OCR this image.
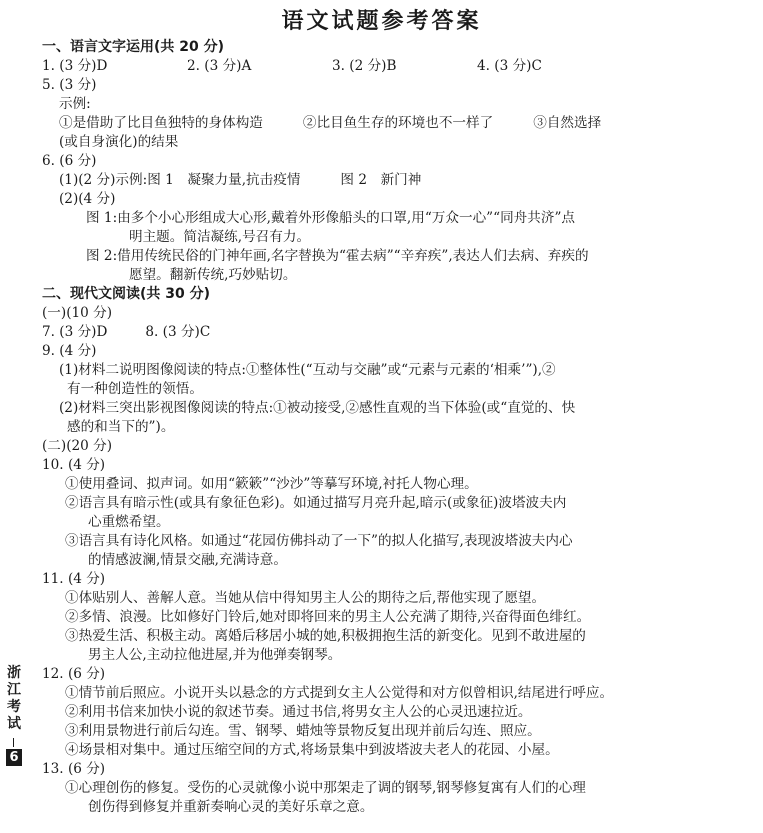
语文试题参考答案
一、语言文字运用(共 20 分)
1. (3 分)D	2. (3 分)A	3. (2 分)B	4. (3 分)C
5. (3 分)
示例:
①是借助了比目鱼独特的身体构造	②比目鱼生存的环境也不一样了	③自然选择
(或自身演化)的结果
6. (6 分)
(1)(2 分)示例:图 1　凝聚力量,抗击疫情	图 2　新门神
(2)(4 分)
图 1:由多个小心形组成大心形,戴着外形像船头的口罩,用“万众一心”“同舟共济”点
明主题。简洁凝练,号召有力。
图 2:借用传统民俗的门神年画,名字替换为“霍去病”“辛弃疾”,表达人们去病、弃疾的
愿望。翻新传统,巧妙贴切。
二、现代文阅读(共 30 分)
(一)(10 分)
7. (3 分)D	8. (3 分)C
9. (4 分)
(1)材料二说明图像阅读的特点:①整体性(“互动与交融”或“元素与元素的‘相乘’”),②
有一种创造性的领悟。
(2)材料三突出影视图像阅读的特点:①被动接受,②感性直观的当下体验(或“直觉的、快
感的和当下的”)。
(二)(20 分)
10. (4 分)
①使用叠词、拟声词。如用“簌簌”“沙沙”等摹写环境,衬托人物心理。
②语言具有暗示性(或具有象征色彩)。如通过描写月亮升起,暗示(或象征)波塔波夫内
心重燃希望。
③语言具有诗化风格。如通过“花园仿佛抖动了一下”的拟人化描写,表现波塔波夫内心
的情感波澜,情景交融,充满诗意。
11. (4 分)
①体贴别人、善解人意。当她从信中得知男主人公的期待之后,帮他实现了愿望。
②多情、浪漫。比如修好门铃后,她对即将回来的男主人公充满了期待,兴奋得面色绯红。
③热爱生活、积极主动。离婚后移居小城的她,积极拥抱生活的新变化。见到不敢进屋的
男主人公,主动拉他进屋,并为他弹奏钢琴。
12. (6 分)
①情节前后照应。小说开头以悬念的方式提到女主人公觉得和对方似曾相识,结尾进行呼应。
②利用书信来加快小说的叙述节奏。通过书信,将男女主人公的心灵迅速拉近。
③利用景物进行前后勾连。雪、钢琴、蜡烛等景物反复出现并前后勾连、照应。
④场景相对集中。通过压缩空间的方式,将场景集中到波塔波夫老人的花园、小屋。
13. (6 分)
①心理创伤的修复。受伤的心灵就像小说中那架走了调的钢琴,钢琴修复寓有人们的心理
创伤得到修复并重新奏响心灵的美好乐章之意。
浙
江
考
试
6
